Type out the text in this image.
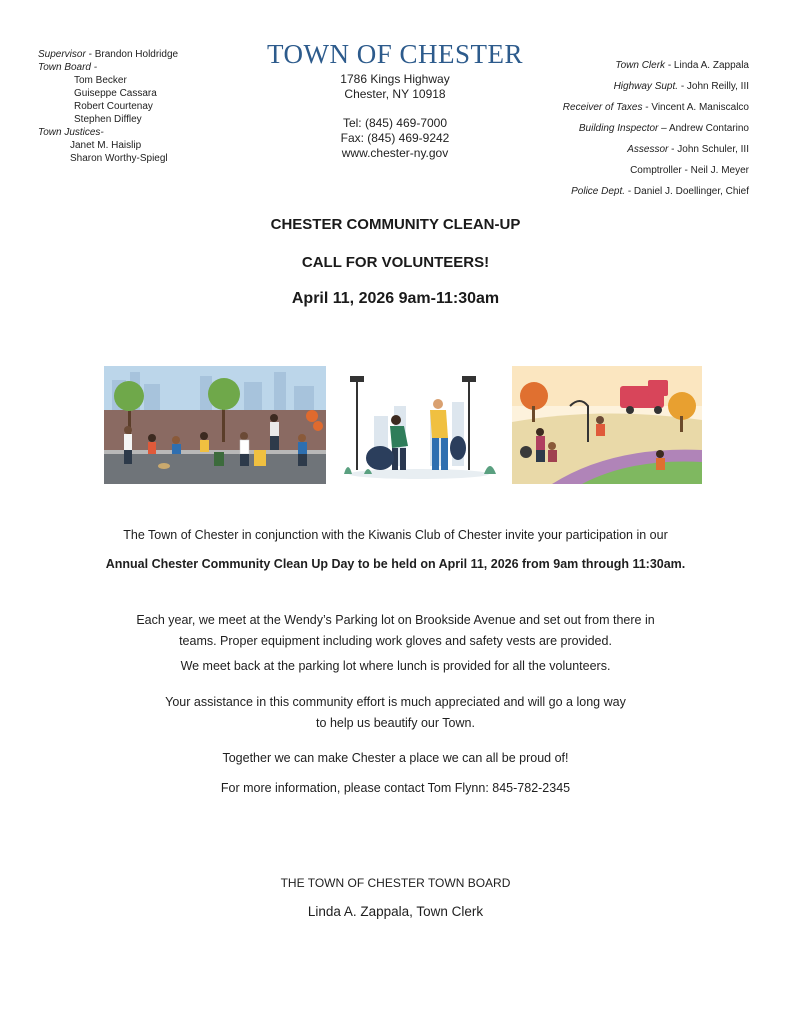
Supervisor - Brandon Holdridge
Town Board -
Tom Becker
Guiseppe Cassara
Robert Courtenay
Stephen Diffley
Town Justices-
Janet M. Haislip
Sharon Worthy-Spiegl
TOWN OF CHESTER
1786 Kings Highway
Chester, NY 10918
Tel: (845) 469-7000
Fax: (845) 469-9242
www.chester-ny.gov
Town Clerk - Linda A. Zappala
Highway Supt. - John Reilly, III
Receiver of Taxes - Vincent A. Maniscalco
Building Inspector – Andrew Contarino
Assessor - John Schuler, III
Comptroller - Neil J. Meyer
Police Dept. - Daniel J. Doellinger, Chief
CHESTER COMMUNITY CLEAN-UP
CALL FOR VOLUNTEERS!
April 11, 2026 9am-11:30am
The Town of Chester in conjunction with the Kiwanis Club of Chester invite your participation in our
Annual Chester Community Clean Up Day to be held on April 11, 2026 from 9am through 11:30am.
Each year, we meet at the Wendy’s Parking lot on Brookside Avenue and set out from there in
teams. Proper equipment including work gloves and safety vests are provided.
We meet back at the parking lot where lunch is provided for all the volunteers.
Your assistance in this community effort is much appreciated and will go a long way
to help us beautify our Town.
Together we can make Chester a place we can all be proud of!
For more information, please contact Tom Flynn: 845-782-2345
THE TOWN OF CHESTER TOWN BOARD
Linda A. Zappala, Town Clerk
